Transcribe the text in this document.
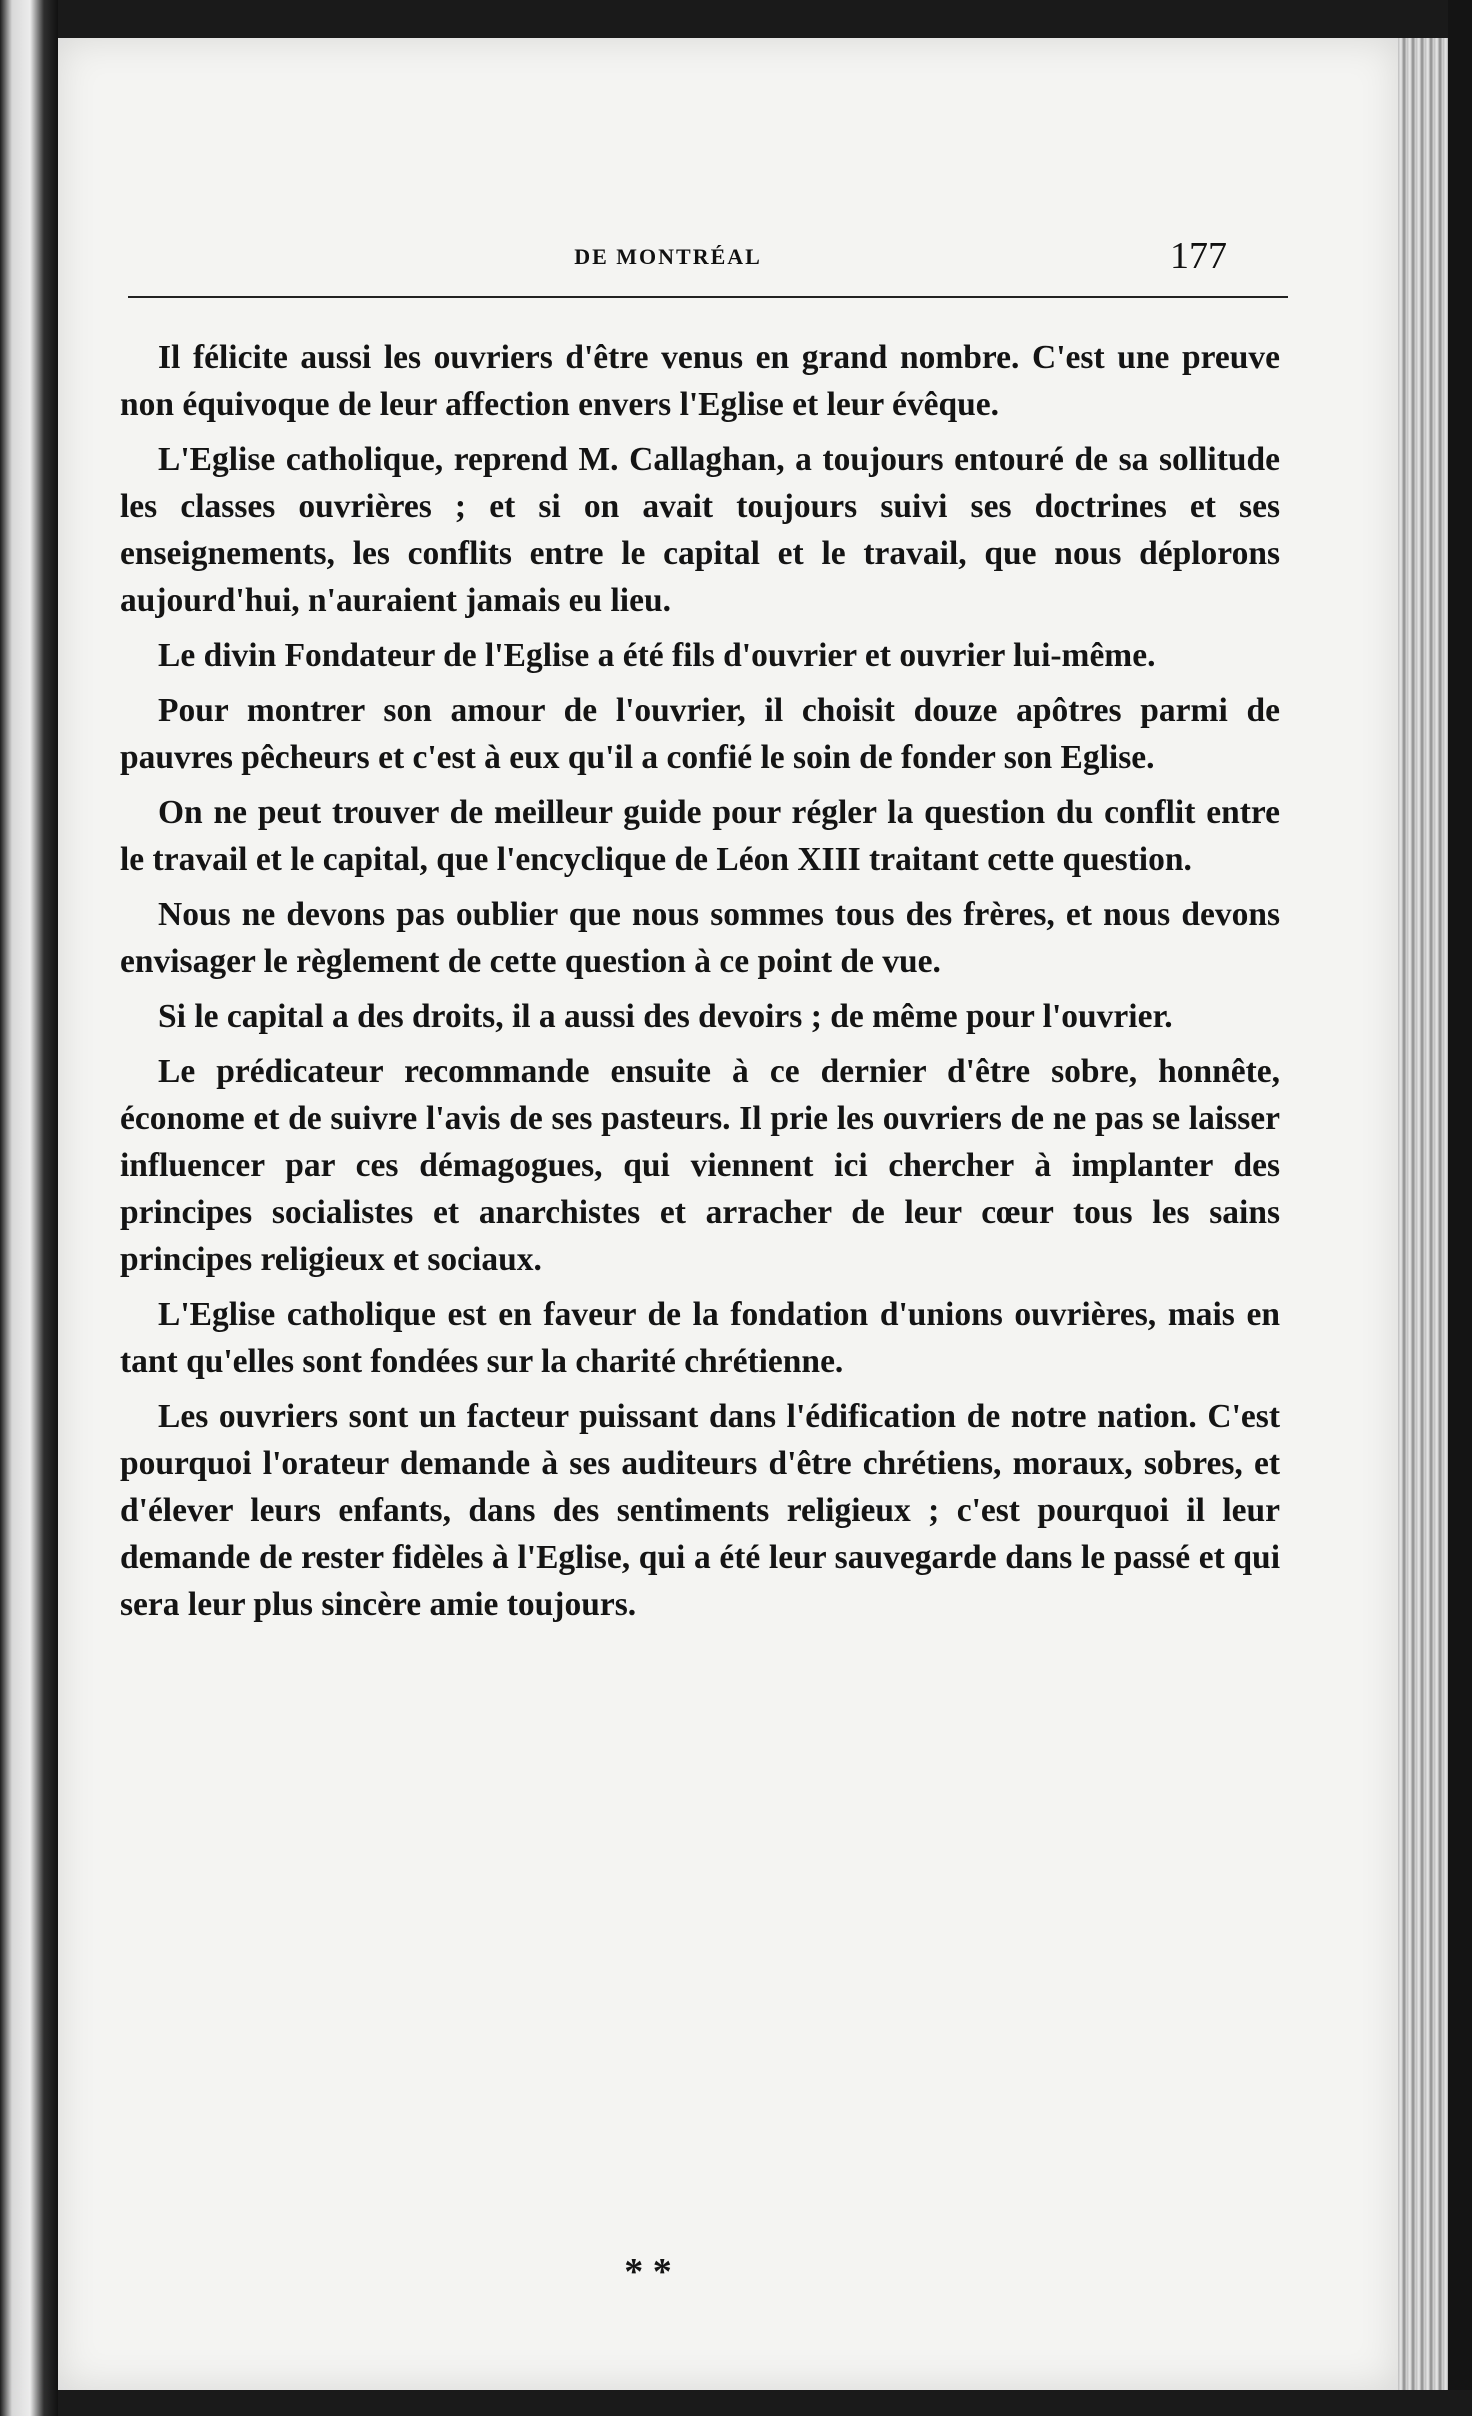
DE MONTRÉAL	177

Il félicite aussi les ouvriers d'être venus en grand nombre. C'est une preuve non équivoque de leur affection envers l'Eglise et leur évêque.

L'Eglise catholique, reprend M. Callaghan, a toujours entouré de sa sollitude les classes ouvrières ; et si on avait toujours suivi ses doctrines et ses enseignements, les conflits entre le capital et le travail, que nous déplorons aujourd'hui, n'auraient jamais eu lieu.

Le divin Fondateur de l'Eglise a été fils d'ouvrier et ouvrier lui-même.

Pour montrer son amour de l'ouvrier, il choisit douze apôtres parmi de pauvres pêcheurs et c'est à eux qu'il a confié le soin de fonder son Eglise.

On ne peut trouver de meilleur guide pour régler la question du conflit entre le travail et le capital, que l'encyclique de Léon XIII traitant cette question.

Nous ne devons pas oublier que nous sommes tous des frères, et nous devons envisager le règlement de cette question à ce point de vue.

Si le capital a des droits, il a aussi des devoirs ; de même pour l'ouvrier.

Le prédicateur recommande ensuite à ce dernier d'être sobre, honnête, économe et de suivre l'avis de ses pasteurs. Il prie les ouvriers de ne pas se laisser influencer par ces démagogues, qui viennent ici chercher à implanter des principes socialistes et anarchistes et arracher de leur cœur tous les sains principes religieux et sociaux.

L'Eglise catholique est en faveur de la fondation d'unions ouvrières, mais en tant qu'elles sont fondées sur la charité chrétienne.

Les ouvriers sont un facteur puissant dans l'édification de notre nation. C'est pourquoi l'orateur demande à ses auditeurs d'être chrétiens, moraux, sobres, et d'élever leurs enfants, dans des sentiments religieux ; c'est pourquoi il leur demande de rester fidèles à l'Eglise, qui a été leur sauvegarde dans le passé et qui sera leur plus sincère amie toujours.

* *
